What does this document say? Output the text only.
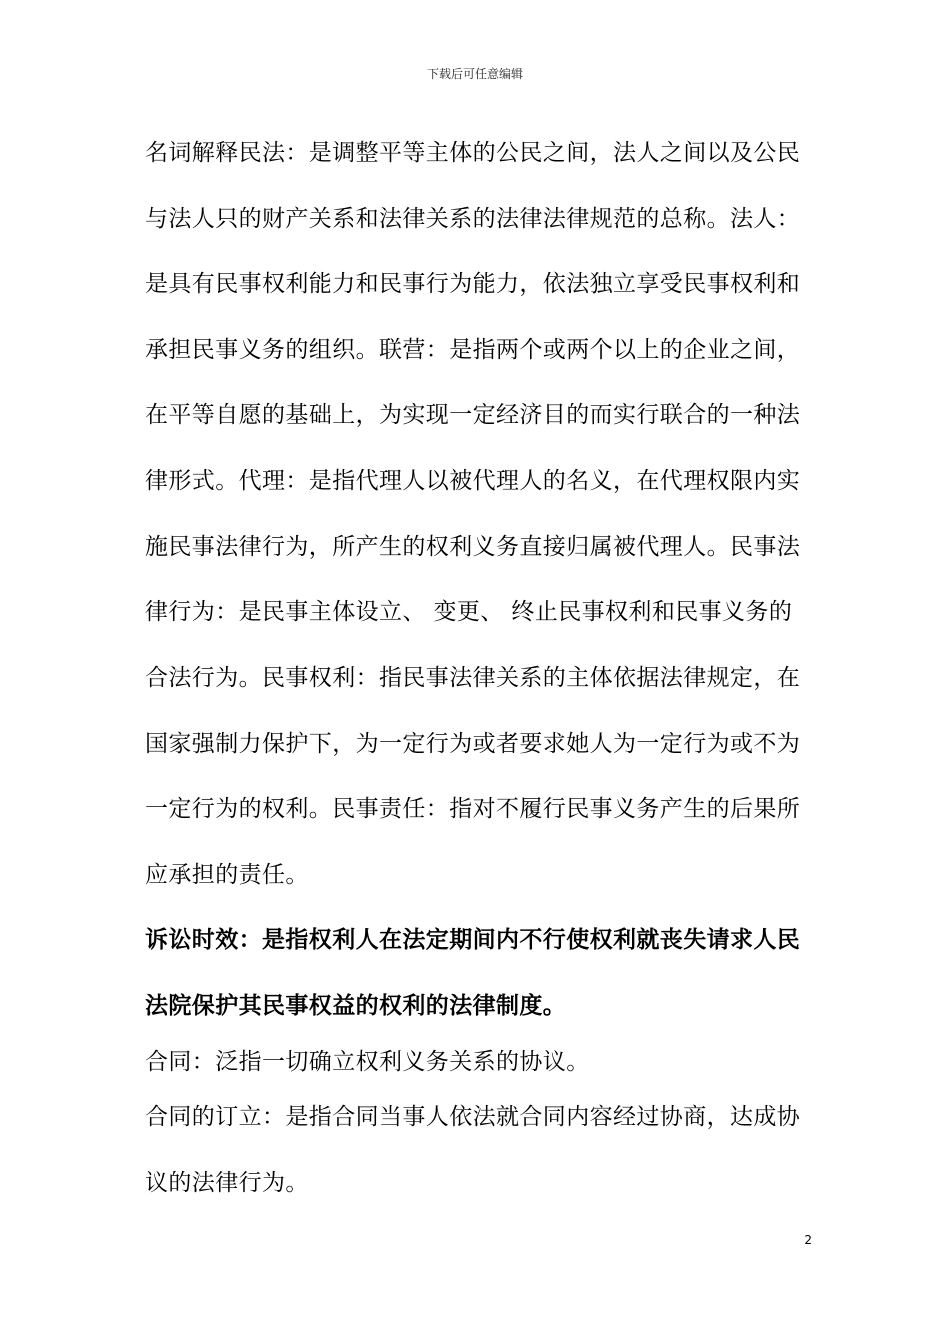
下载后可任意编辑
名词解释民法：是调整平等主体的公民之间，法人之间以及公民
与法人只的财产关系和法律关系的法律法律规范的总称。法人：
是具有民事权利能力和民事行为能力，依法独立享受民事权利和
承担民事义务的组织。联营：是指两个或两个以上的企业之间，
在平等自愿的基础上，为实现一定经济目的而实行联合的一种法
律形式。代理：是指代理人以被代理人的名义，在代理权限内实
施民事法律行为，所产生的权利义务直接归属被代理人。民事法
律行为：是民事主体设立、 变更、 终止民事权利和民事义务的
合法行为。民事权利：指民事法律关系的主体依据法律规定，在
国家强制力保护下，为一定行为或者要求她人为一定行为或不为
一定行为的权利。民事责任：指对不履行民事义务产生的后果所
应承担的责任。
诉讼时效：是指权利人在法定期间内不行使权利就丧失请求人民
法院保护其民事权益的权利的法律制度。
合同：泛指一切确立权利义务关系的协议。
合同的订立：是指合同当事人依法就合同内容经过协商，达成协
议的法律行为。
2
